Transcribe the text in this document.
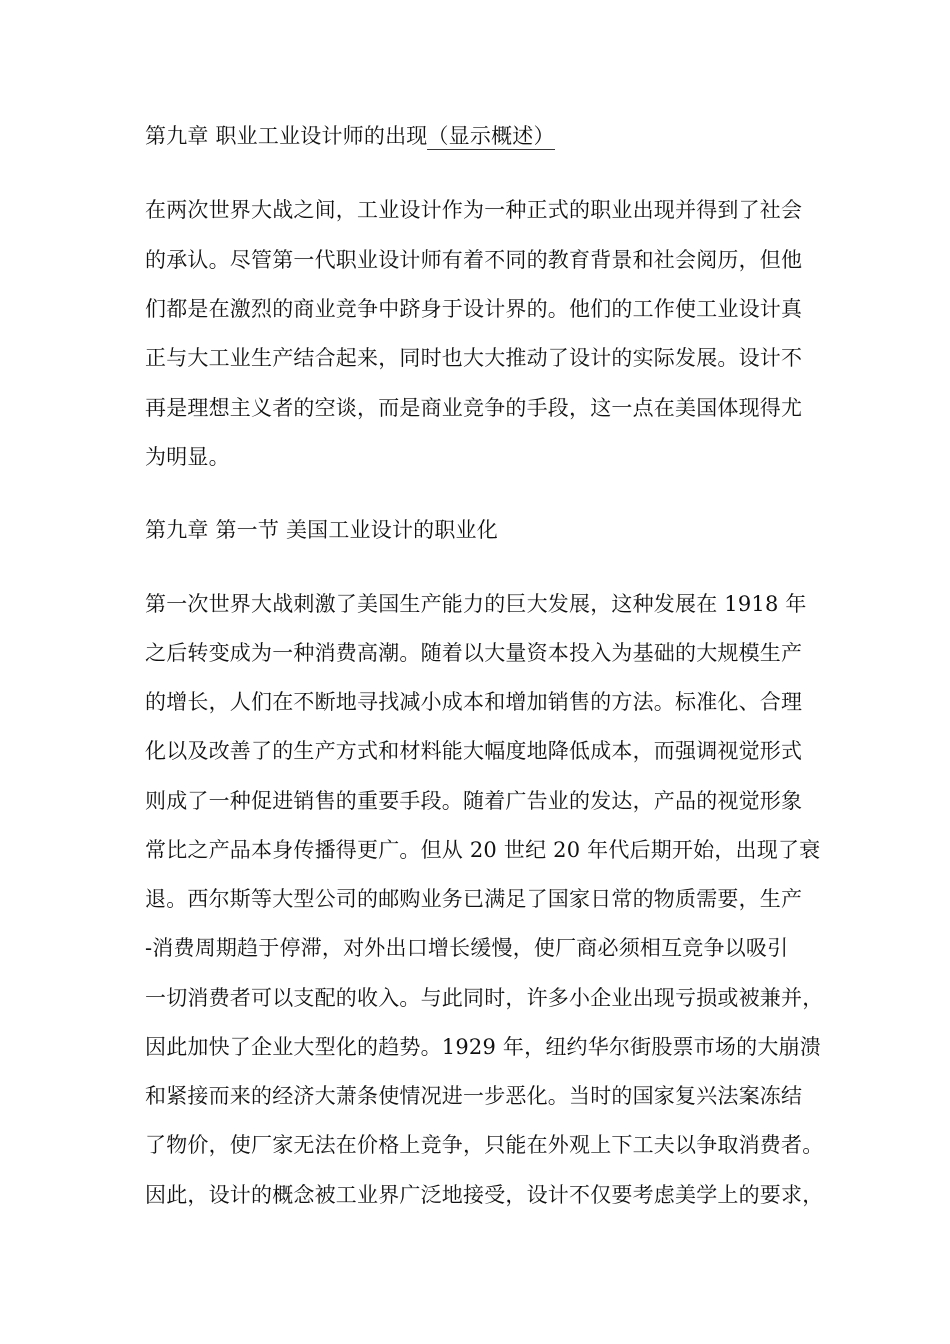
第九章 职业工业设计师的出现（显示概述）
在两次世界大战之间，工业设计作为一种正式的职业出现并得到了社会
的承认。尽管第一代职业设计师有着不同的教育背景和社会阅历，但他
们都是在激烈的商业竞争中跻身于设计界的。他们的工作使工业设计真
正与大工业生产结合起来，同时也大大推动了设计的实际发展。设计不
再是理想主义者的空谈，而是商业竞争的手段，这一点在美国体现得尤
为明显。
第九章 第一节 美国工业设计的职业化
第一次世界大战刺激了美国生产能力的巨大发展，这种发展在 1918 年
之后转变成为一种消费高潮。随着以大量资本投入为基础的大规模生产
的增长，人们在不断地寻找减小成本和增加销售的方法。标准化、合理
化以及改善了的生产方式和材料能大幅度地降低成本，而强调视觉形式
则成了一种促进销售的重要手段。随着广告业的发达，产品的视觉形象
常比之产品本身传播得更广。但从 20 世纪 20 年代后期开始，出现了衰
退。西尔斯等大型公司的邮购业务已满足了国家日常的物质需要，生产
-消费周期趋于停滞，对外出口增长缓慢，使厂商必须相互竞争以吸引
一切消费者可以支配的收入。与此同时，许多小企业出现亏损或被兼并，
因此加快了企业大型化的趋势。1929 年，纽约华尔街股票市场的大崩溃
和紧接而来的经济大萧条使情况进一步恶化。当时的国家复兴法案冻结
了物价，使厂家无法在价格上竞争，只能在外观上下工夫以争取消费者。
因此，设计的概念被工业界广泛地接受，设计不仅要考虑美学上的要求，
